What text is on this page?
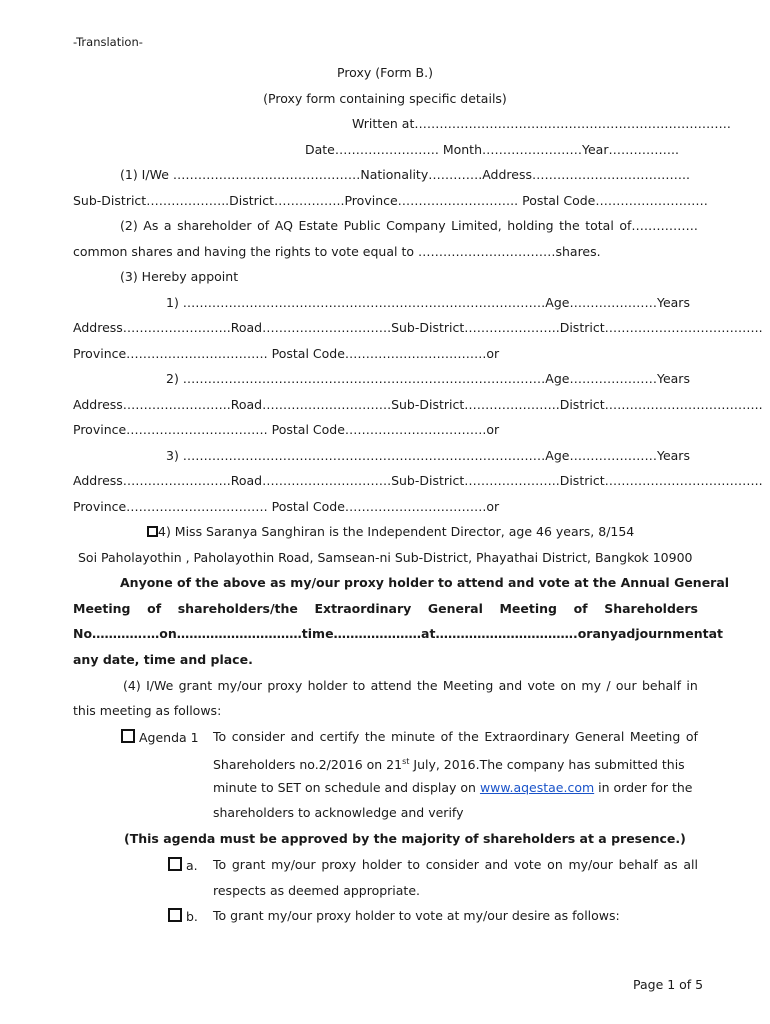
-Translation-
Proxy (Form B.)
(Proxy form containing specific details)
Written at………………………………………………………………….
Date……………………. Month……………………Year……………..
(1) I/We ………………………………………Nationality………….Address………………………………..
Sub-District………………..District……………..Province……………………….. Postal Code………………………
(2) As a shareholder of AQ Estate Public Company Limited, holding the total of…………….
common shares and having the rights to vote equal to ……………………………shares.
(3) Hereby appoint
1) ……………………………………………………………………………Age…………………Years
Address……………………..Road………………………….Sub-District…………………..District………………………………..
Province……………………………. Postal Code…………………………….or
2) ……………………………………………………………………………Age…………………Years
Address……………………..Road………………………….Sub-District…………………..District………………………………..
Province……………………………. Postal Code…………………………….or
3) ……………………………………………………………………………Age…………………Years
Address……………………..Road………………………….Sub-District…………………..District………………………………..
Province……………………………. Postal Code…………………………….or
4) Miss Saranya Sanghiran is the Independent Director, age 46 years, 8/154
Soi Paholayothin , Paholayothin Road, Samsean-ni Sub-District, Phayathai District, Bangkok 10900
Anyone of the above as my/our proxy holder to attend and vote at the Annual General
Meeting of shareholders/the Extraordinary General Meeting of Shareholders
No………….…on…………………………time…………………at……………………………. or any adjournment at
any date, time and place.
(4) I/We grant my/our proxy holder to attend the Meeting and vote on my / our behalf in
this meeting as follows:
Agenda 1 To consider and certify the minute of the Extraordinary General Meeting of
Shareholders no.2/2016 on 21st July, 2016.The company has submitted this
minute to SET on schedule and display on www.aqestae.com in order for the
shareholders to acknowledge and verify
(This agenda must be approved by the majority of shareholders at a presence.)
a. To grant my/our proxy holder to consider and vote on my/our behalf as all
respects as deemed appropriate.
b. To grant my/our proxy holder to vote at my/our desire as follows:
Page 1 of 5
